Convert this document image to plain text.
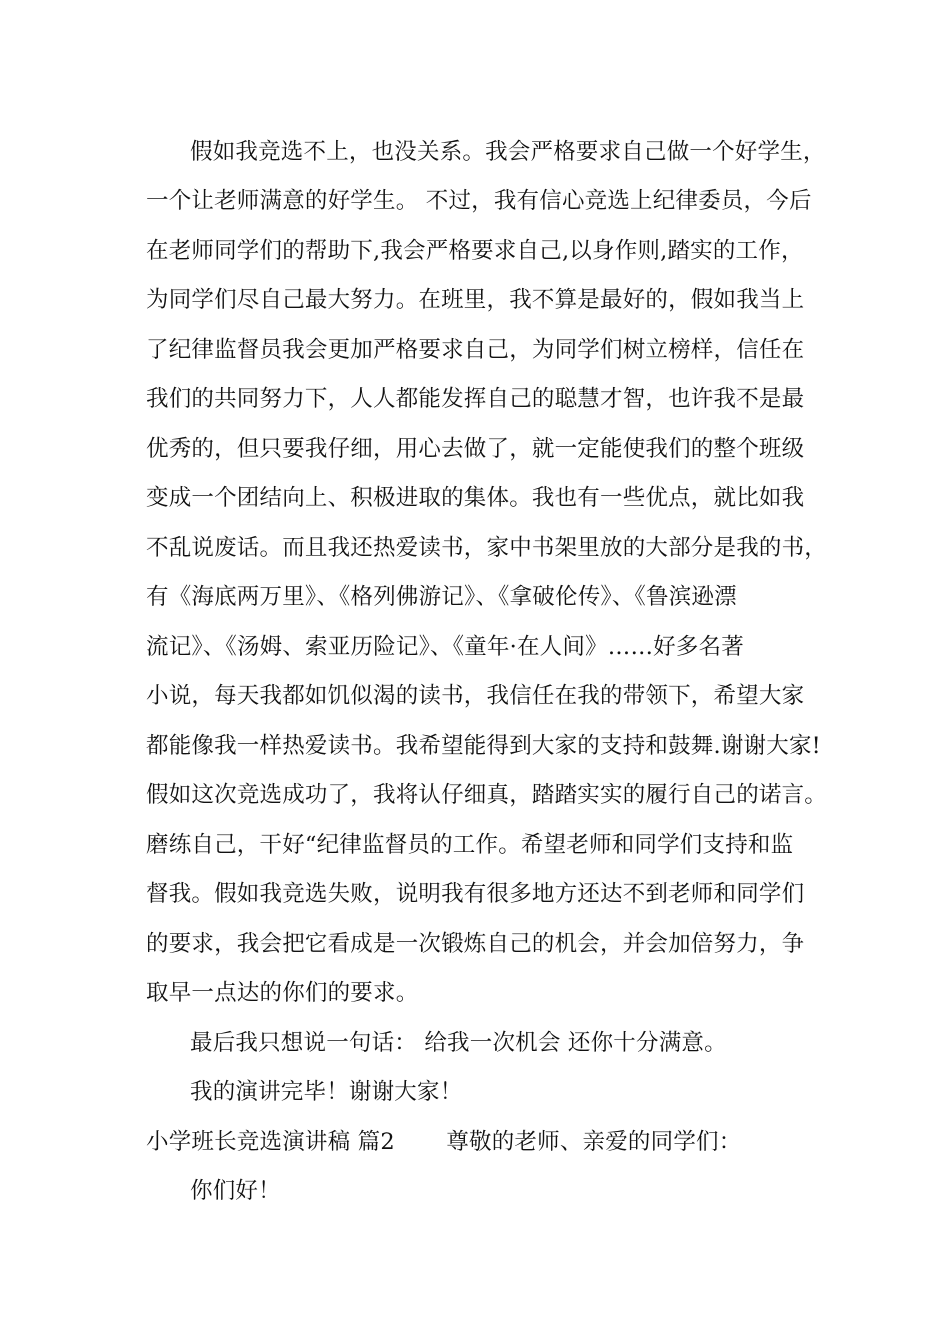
假如我竞选不上，也没关系。我会严格要求自己做一个好学生，
一个让老师满意的好学生。 不过，我有信心竞选上纪律委员，今后
在老师同学们的帮助下,我会严格要求自己,以身作则,踏实的工作，
为同学们尽自己最大努力。在班里，我不算是最好的，假如我当上
了纪律监督员我会更加严格要求自己，为同学们树立榜样，信任在
我们的共同努力下，人人都能发挥自己的聪慧才智，也许我不是最
优秀的，但只要我仔细，用心去做了，就一定能使我们的整个班级
变成一个团结向上、积极进取的集体。我也有一些优点，就比如我
不乱说废话。而且我还热爱读书，家中书架里放的大部分是我的书，
有《海底两万里》、《格列佛游记》、《拿破伦传》、《鲁滨逊漂
流记》、《汤姆、索亚历险记》、《童年·在人间》……好多名著
小说，每天我都如饥似渴的读书，我信任在我的带领下，希望大家
都能像我一样热爱读书。我希望能得到大家的支持和鼓舞.谢谢大家!
假如这次竞选成功了，我将认仔细真，踏踏实实的履行自己的诺言。
磨练自己，干好“纪律监督员的工作。希望老师和同学们支持和监
督我。假如我竞选失败，说明我有很多地方还达不到老师和同学们
的要求，我会把它看成是一次锻炼自己的机会，并会加倍努力，争
取早一点达的你们的要求。
最后我只想说一句话： 给我一次机会 还你十分满意。
我的演讲完毕！谢谢大家！
小学班长竞选演讲稿 篇2       尊敬的老师、亲爱的同学们：
你们好！
